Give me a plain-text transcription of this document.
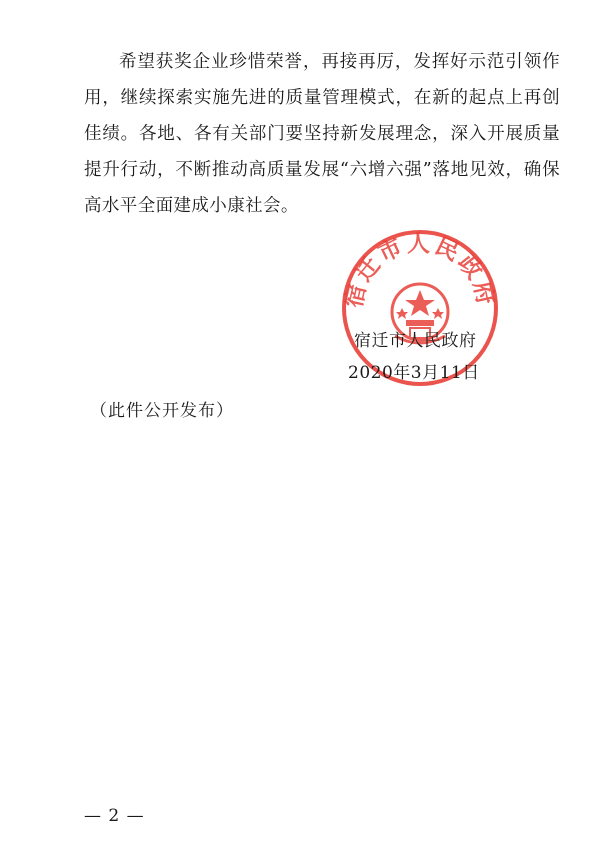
希望获奖企业珍惜荣誉，再接再厉，发挥好示范引领作用，继续探索实施先进的质量管理模式，在新的起点上再创佳绩。各地、各有关部门要坚持新发展理念，深入开展质量提升行动，不断推动高质量发展“六增六强”落地见效，确保高水平全面建成小康社会。

宿迁市人民政府
宿迁市人民政府
2020年3月11日
（此件公开发布）
— 2 —
